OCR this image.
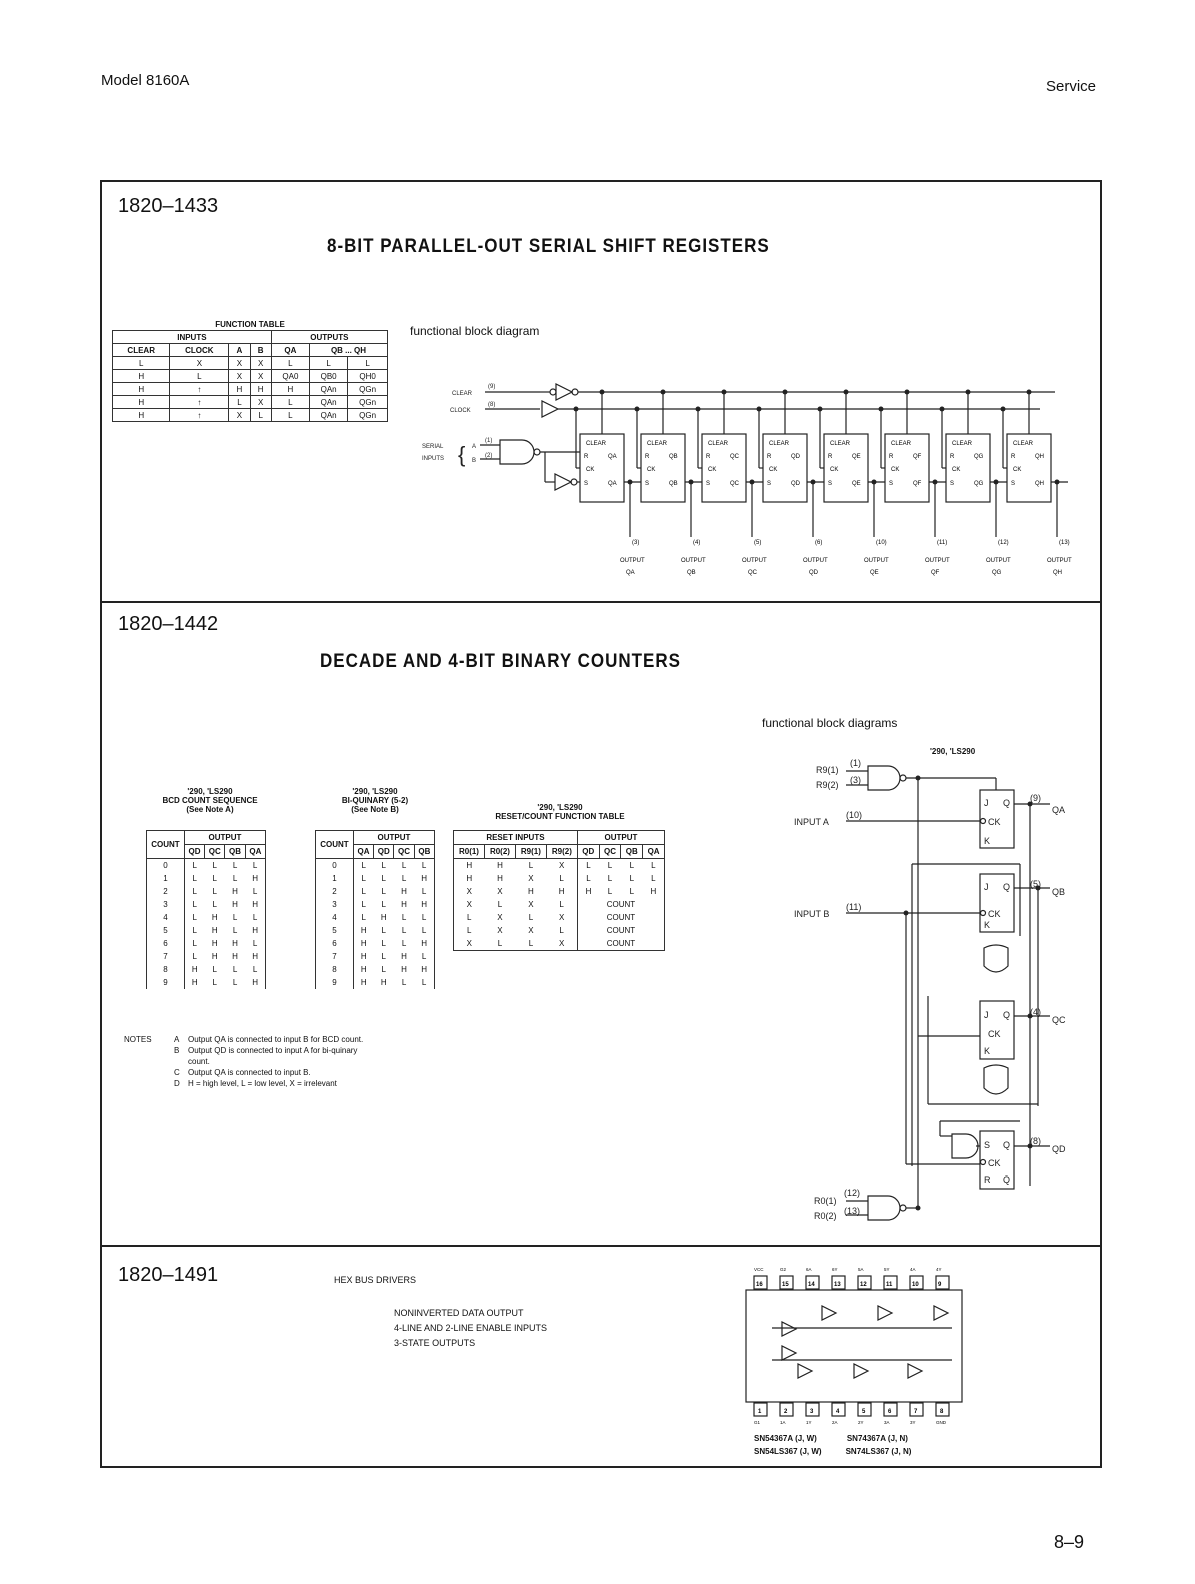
Model 8160A	Service
1820–1433
8-BIT PARALLEL-OUT SERIAL SHIFT REGISTERS
FUNCTION TABLE
INPUTS				OUTPUTS		
CLEAR	CLOCK	A	B	QA	QB ... QH	
L	X	X	X	L	L	L
H	L	X	X	QA0	QB0	QH0
H	↑	H	H	H	QAn	QGn
H	↑	L	X	L	QAn	QGn
H	↑	X	L	L	QAn	QGn
functional block diagram
CLEAR
R
CK
S
QA
QA
(3)
OUTPUT
QA
CLEAR
R
CK
S
QB
QB
(4)
OUTPUT
QB
CLEAR
R
CK
S
QC
QC
(5)
OUTPUT
QC
CLEAR
R
CK
S
QD
QD
(6)
OUTPUT
QD
CLEAR
R
CK
S
QE
QE
(10)
OUTPUT
QE
CLEAR
R
CK
S
QF
QF
(11)
OUTPUT
QF
CLEAR
R
CK
S
QG
QG
(12)
OUTPUT
QG
CLEAR
R
CK
S
QH
QH
(13)
OUTPUT
QH
CLEAR
(9)
CLOCK
(8)
SERIAL
INPUTS
A
B
(1)
(2)
{
1820–1442
DECADE AND 4-BIT BINARY COUNTERS
'290, 'LS290
BCD COUNT SEQUENCE
(See Note A)
COUNT	OUTPUT			
	QD	QC	QB	QA
0	L	L	L	L
1	L	L	L	H
2	L	L	H	L
3	L	L	H	H
4	L	H	L	L
5	L	H	L	H
6	L	H	H	L
7	L	H	H	H
8	H	L	L	L
9	H	L	L	H
'290, 'LS290
BI-QUINARY (5-2)
(See Note B)
COUNT	OUTPUT			
	QA	QD	QC	QB
0	L	L	L	L
1	L	L	L	H
2	L	L	H	L
3	L	L	H	H
4	L	H	L	L
5	H	L	L	L
6	H	L	L	H
7	H	L	H	L
8	H	L	H	H
9	H	H	L	L
'290, 'LS290
RESET/COUNT FUNCTION TABLE
RESET INPUTS				OUTPUT			
R0(1)	R0(2)	R9(1)	R9(2)	QD	QC	QB	QA
H	H	L	X	L	L	L	L
H	H	X	L	L	L	L	L
X	X	H	H	H	L	L	H
X	L	X	L	COUNT			
L	X	L	X	COUNT			
L	X	X	L	COUNT			
X	L	L	X	COUNT			
NOTES	A Output QA is connected to input B for BCD count.
B Output QD is connected to input A for bi-quinary
count.
C Output QA is connected to input B.
D H = high level, L = low level, X = irrelevant
functional block diagrams
'290, 'LS290
R9(1)
R9(2)
(1)
(3)
INPUT A
(10)
INPUT B
(11)
R0(1)
R0(2)
(12)
(13)
(9)
QA
(5)
QB
(4)
QC
(8)
QD
J Q
CK
K
J Q
CK
K
J Q
CK
K
S Q
CK
R Q̄
1820–1491	HEX BUS DRIVERS
NONINVERTED DATA OUTPUT
4-LINE AND 2-LINE ENABLE INPUTS
3-STATE OUTPUTS
16
VCC
15
G2
14
6A
13
6Y
12
5A
11
5Y
10
4A
9
4Y
1
G1
2
1A
3
1Y
4
2A
5
2Y
6
3A
7
3Y
8
GND
SN54367A (J, W)	SN74367A (J, N)
SN54LS367 (J, W)	SN74LS367 (J, N)
8–9
